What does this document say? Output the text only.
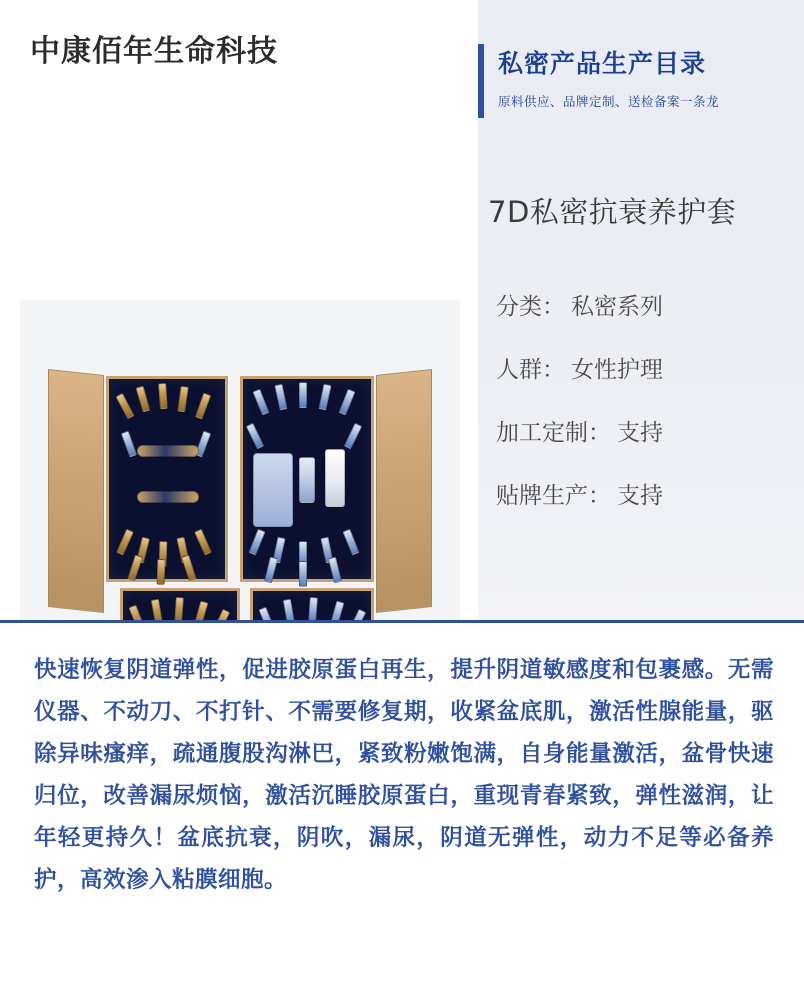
中康佰年生命科技	私密产品生产目录
原料供应、品牌定制、送检备案一条龙
7D私密抗衰养护套
分类： 私密系列
人群： 女性护理
加工定制： 支持
贴牌生产： 支持

快速恢复阴道弹性，促进胶原蛋白再生，提升阴道敏感度和包裹感。无需仪器、不动刀、不打针、不需要修复期，收紧盆底肌，激活性腺能量，驱除异味瘙痒，疏通腹股沟淋巴，紧致粉嫩饱满，自身能量激活，盆骨快速归位，改善漏尿烦恼，激活沉睡胶原蛋白，重现青春紧致，弹性滋润，让年轻更持久！盆底抗衰，阴吹，漏尿，阴道无弹性，动力不足等必备养护，高效渗入粘膜细胞。
